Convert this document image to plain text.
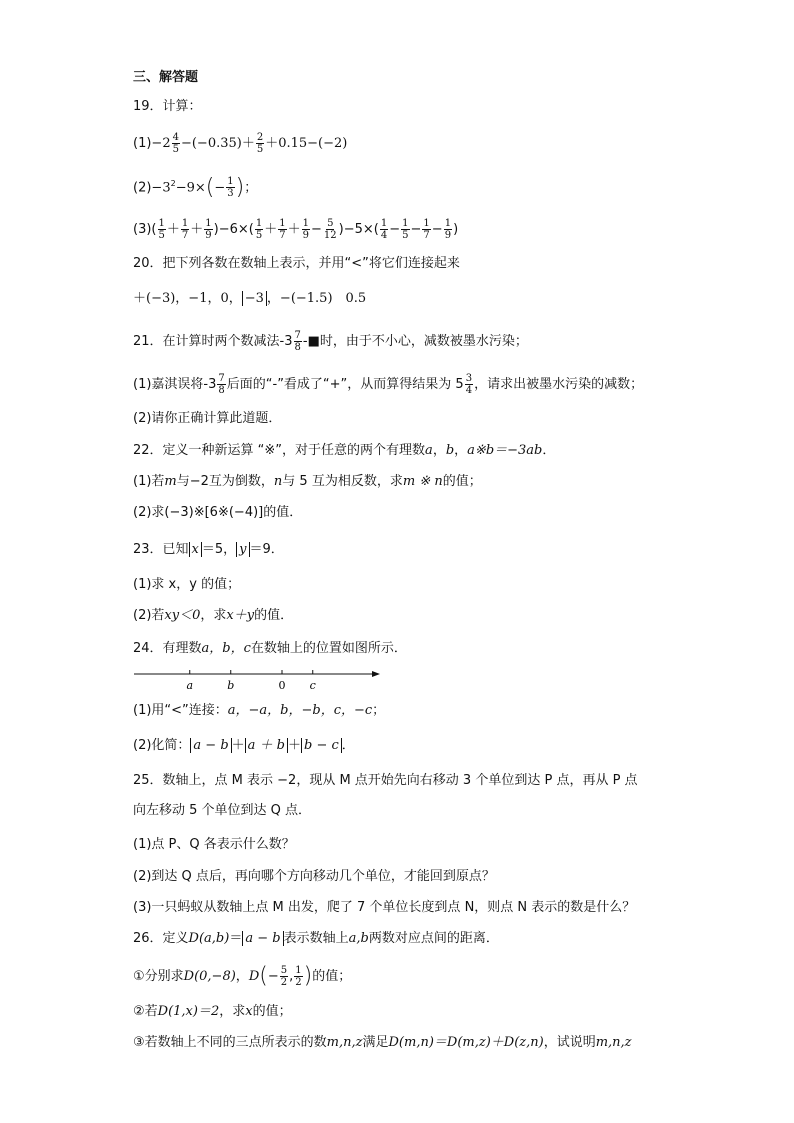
三、解答题
19．计算：
$(1)-2 \frac{4}{5} -(-0.35)+ \frac{2}{5} +0.15-(-2)$
$(2)-3^2-9\times(- \frac{1}{3}$ )；
$(3)( \frac{1}{5} + \frac{1}{7} + \frac{1}{9} )-6\times( \frac{1}{5} + \frac{1}{7} + \frac{1}{9} - \frac{5}{12} )-5\times( \frac{1}{4} - \frac{1}{5} - \frac{1}{7} - \frac{1}{9}$ )
20．把下列各数在数轴上表示，并用“<”将它们连接起来
＋(−3)，−1，0， −3 ，−(−1.5)　0.5
21．在计算时两个数减法$-3 \frac{7}{8}$ -■时，由于不小心，减数被墨水污染；
(1)嘉淇误将$-3 \frac{7}{8}$ 后面的“-”看成了“+”，从而算得结果为 $5 \frac{3}{4}$ ，请求出被墨水污染的减数；
(2)请你正确计算此道题．
22．定义一种新运算 “※”，对于任意的两个有理数a，b，a※b＝−3ab．
(1)若m与−2互为倒数，n与 5 互为相反数，求m ※ n的值；
(2)求(−3)※[6※(−4)]的值．
23．已知 x ＝5， y ＝9．
(1)求 x，y 的值；
(2)若xy＜0，求x＋y的值．
24．有理数a，b，c在数轴上的位置如图所示．
a	b	0 c
(1)用“<”连接：a，−a，b，−b，c，−c；
(2)化简： a − b ＋ a ＋ b ＋ b − c ．
25．数轴上，点 M 表示 −2，现从 M 点开始先向右移动 3 个单位到达 P 点，再从 P 点
向左移动 5 个单位到达 Q 点．
(1)点 P、Q 各表示什么数？
(2)到达 Q 点后，再向哪个方向移动几个单位，才能回到原点？
(3)一只蚂蚁从数轴上点 M 出发，爬了 7 个单位长度到点 N，则点 N 表示的数是什么？
26．定义D(a,b)＝ a − b 表示数轴上a,b两数对应点间的距离．
①分别求D(0,−8)，$D(- \frac{5}{2}$ , $\frac{1}{2}$ )的值；
②若D(1,x)＝2，求x的值；
③若数轴上不同的三点所表示的数m,n,z满足D(m,n)＝D(m,z)＋D(z,n)，试说明m,n,z
